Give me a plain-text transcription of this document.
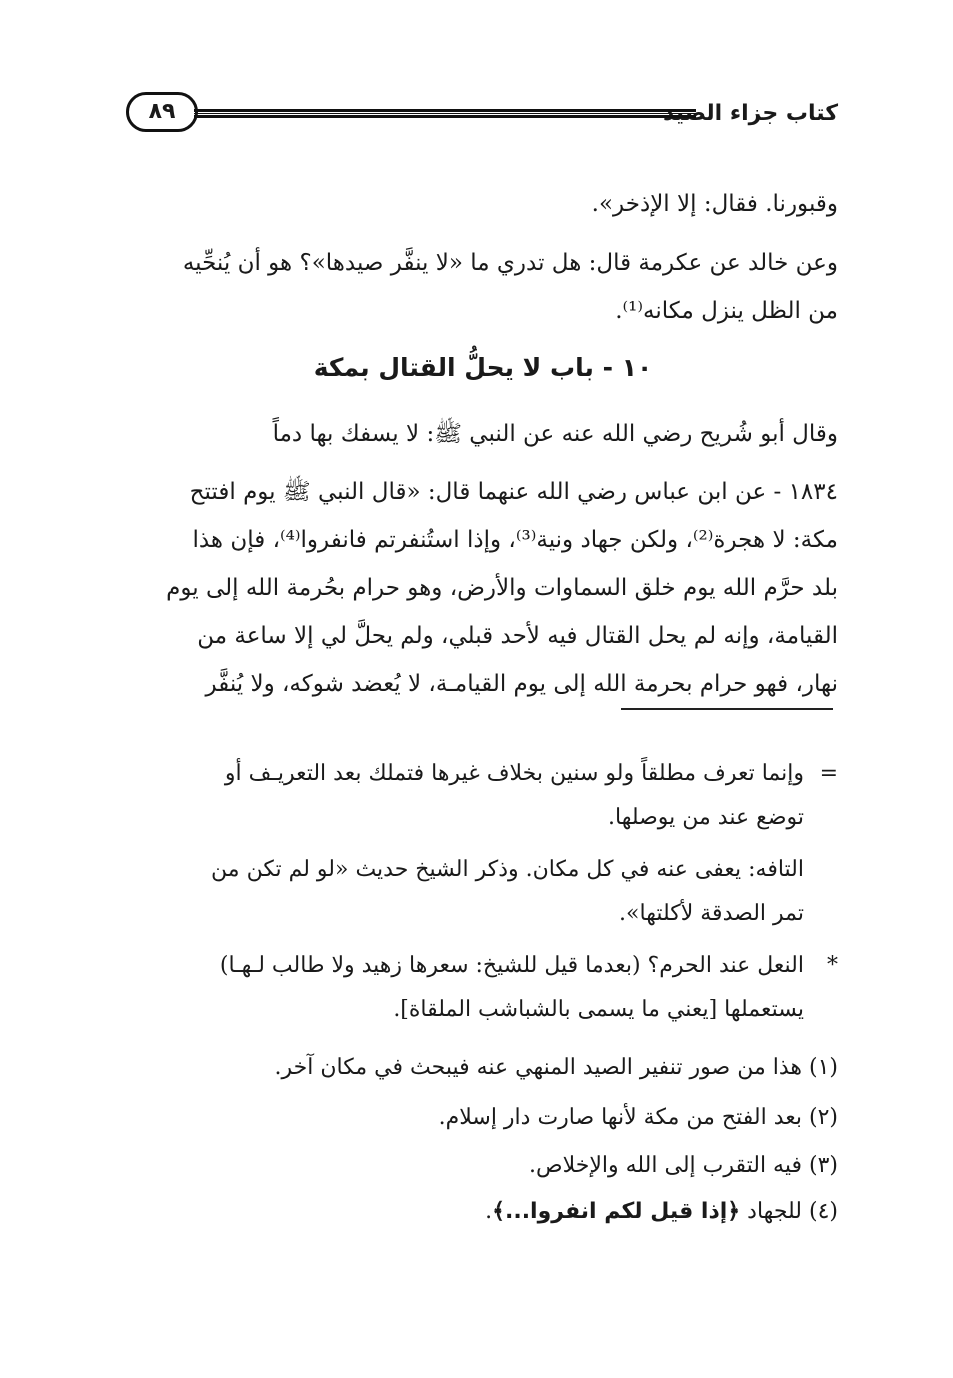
كتاب جزاء الصيد
٨٩
وقبورنا. فقال: إلا الإذخر».
وعن خالد عن عكرمة قال: هل تدري ما «لا ينفَّر صيدها»؟ هو أن يُنحِّيه
من الظل ينزل مكانه⁽¹⁾.
١٠ - باب لا يحلُّ القتال بمكة
وقال أبو شُريح رضي الله عنه عن النبي ﷺ: لا يسفك بها دماً
١٨٣٤ - عن ابن عباس رضي الله عنهما قال: «قال النبي ﷺ يوم افتتح
مكة: لا هجرة⁽²⁾، ولكن جهاد ونية⁽³⁾، وإذا استُنفرتم فانفروا⁽⁴⁾، فإن هذا
بلد حرَّم الله يوم خلق السماوات والأرض، وهو حرام بحُرمة الله إلى يوم
القيامة، وإنه لم يحل القتال فيه لأحد قبلي، ولم يحلَّ لي إلا ساعة من
نهار، فهو حرام بحرمة الله إلى يوم القيامـة، لا يُعضد شوكه، ولا يُنفَّر
=وإنما تعرف مطلقاً ولو سنين بخلاف غيرها فتملك بعد التعريـف أو
توضع عند من يوصلها.
التافه: يعفى عنه في كل مكان. وذكر الشيخ حديث «لو لم تكن من
تمر الصدقة لأكلتها».
*النعل عند الحرم؟ (بعدما قيل للشيخ: سعرها زهيد ولا طالب لـهـا)
يستعملها [يعني ما يسمى بالشباشب الملقاة].
(١) هذا من صور تنفير الصيد المنهي عنه فيبحث في مكان آخر.
(٢) بعد الفتح من مكة لأنها صارت دار إسلام.
(٣) فيه التقرب إلى الله والإخلاص.
(٤) للجهاد ﴿إذا قيل لكم انفروا...﴾.
